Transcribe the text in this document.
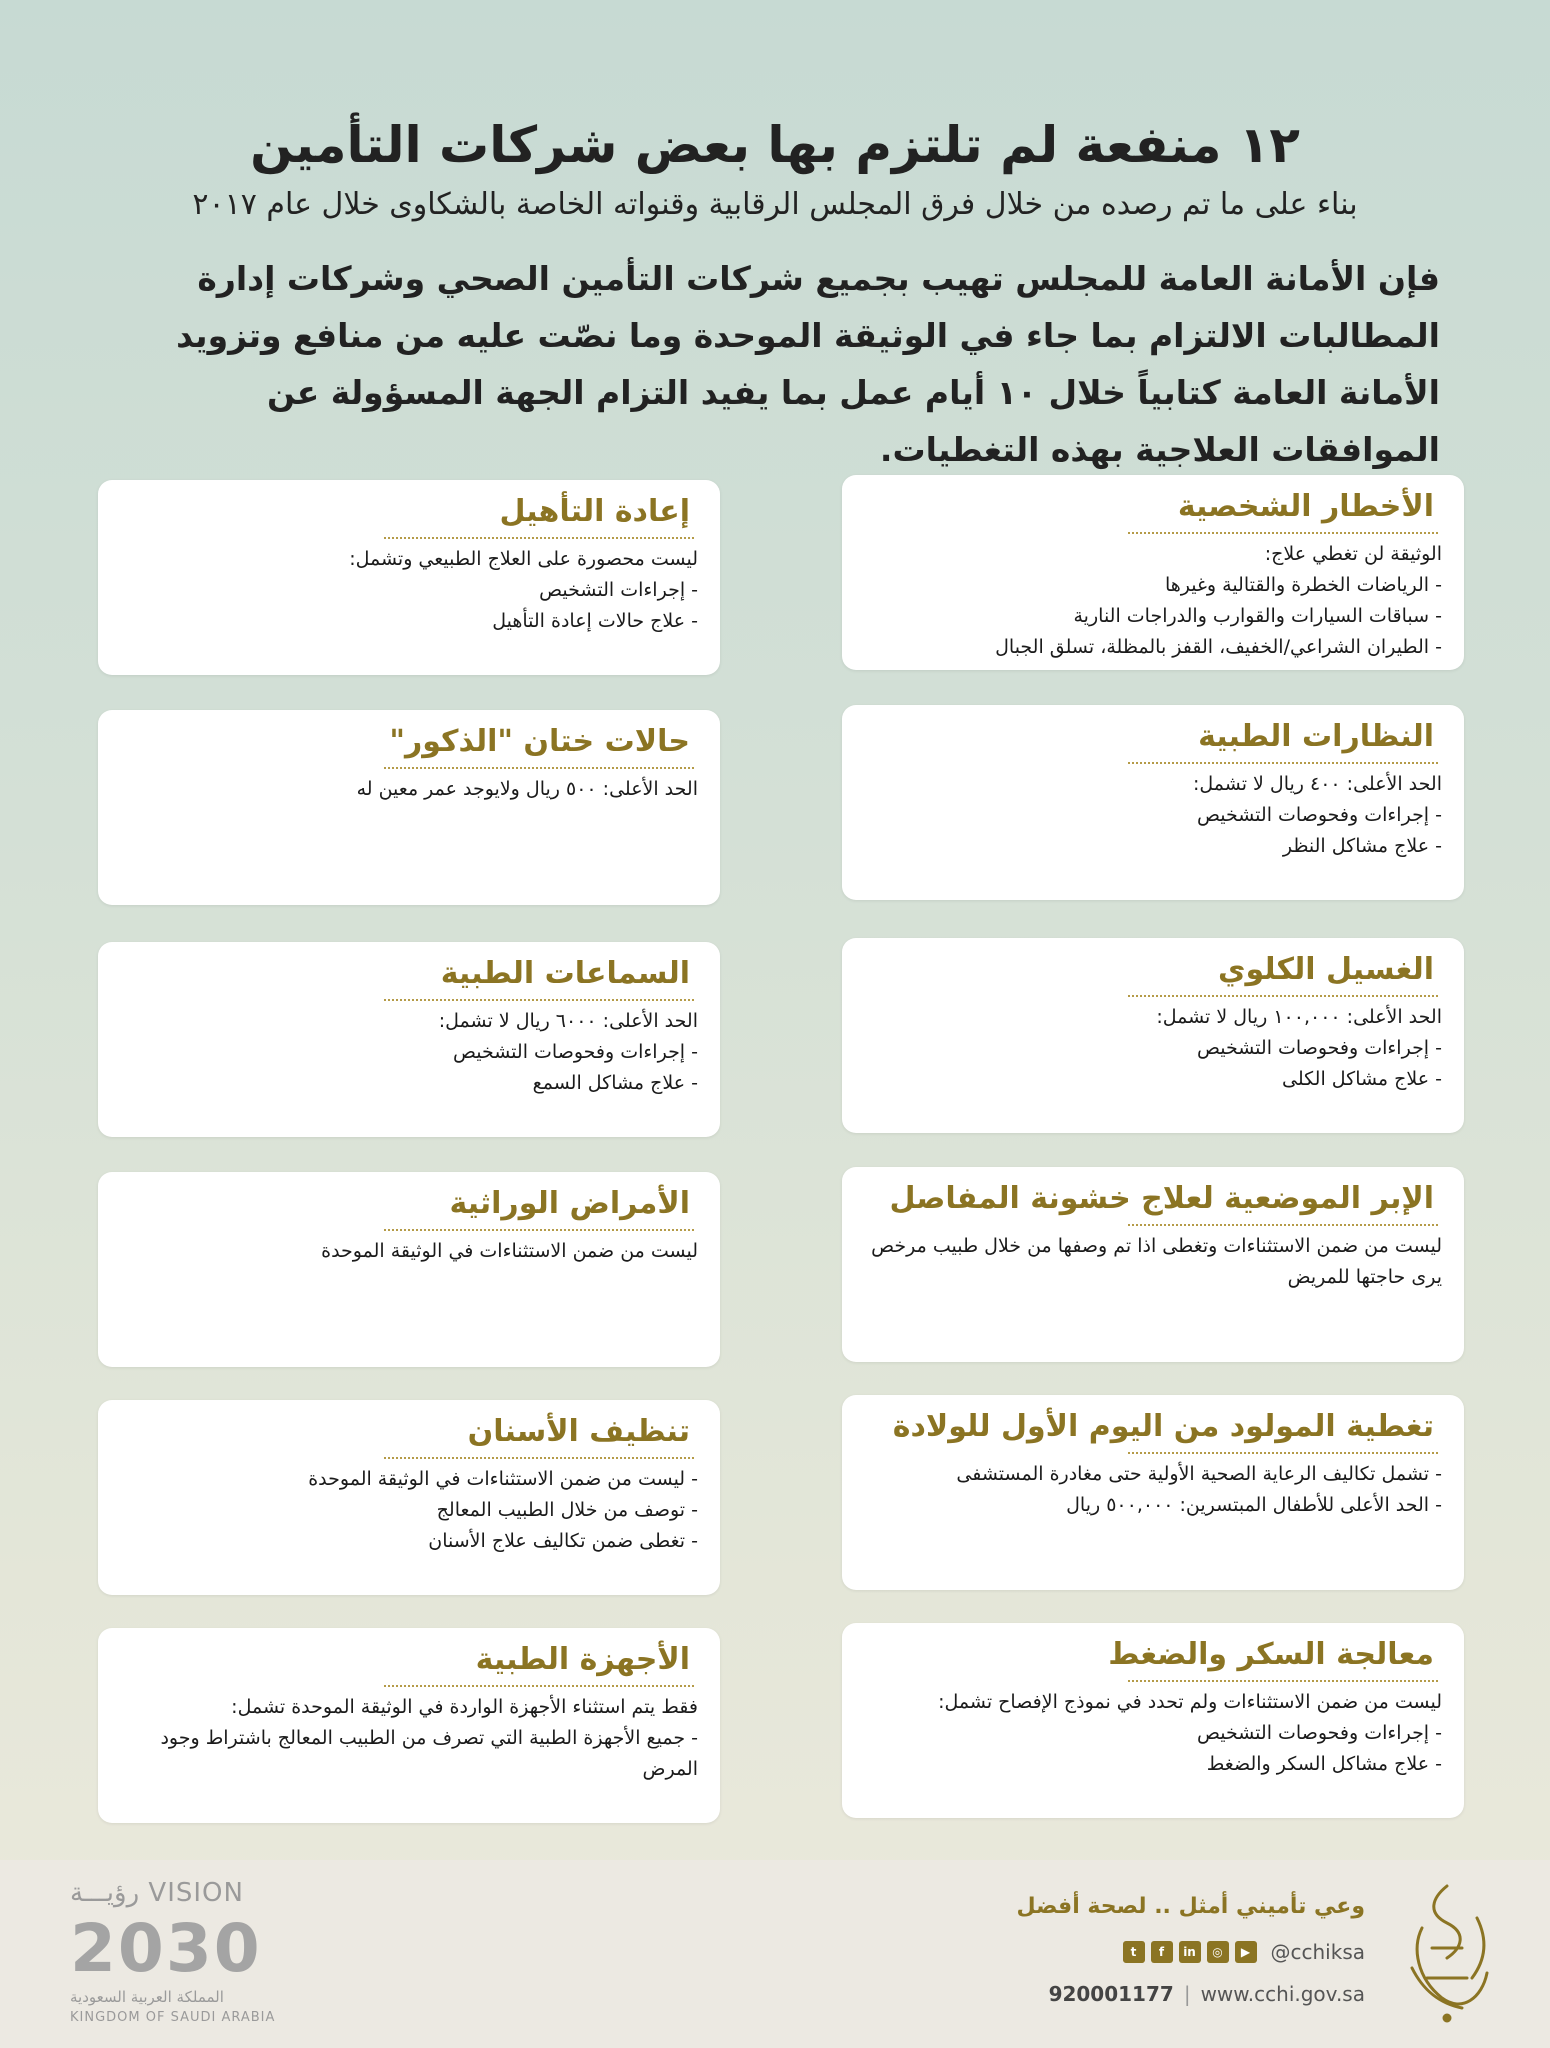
١٢ منفعة لم تلتزم بها بعض شركات التأمين

بناء على ما تم رصده من خلال فرق المجلس الرقابية وقنواته الخاصة بالشكاوى خلال عام ٢٠١٧

فإن الأمانة العامة للمجلس تهيب بجميع شركات التأمين الصحي وشركات إدارة المطالبات الالتزام بما جاء في الوثيقة الموحدة وما نصّت عليه من منافع وتزويد الأمانة العامة كتابياً خلال ١٠ أيام عمل بما يفيد التزام الجهة المسؤولة عن الموافقات العلاجية بهذه التغطيات.
الأخطار الشخصية

الوثيقة لن تغطي علاج:

- الرياضات الخطرة والقتالية وغيرها
- سباقات السيارات والقوارب والدراجات النارية
- الطيران الشراعي/الخفيف، القفز بالمظلة، تسلق الجبال
إعادة التأهيل

ليست محصورة على العلاج الطبيعي وتشمل:

- إجراءات التشخيص
- علاج حالات إعادة التأهيل
النظارات الطبية

الحد الأعلى: ٤٠٠ ريال لا تشمل:

- إجراءات وفحوصات التشخيص
- علاج مشاكل النظر
حالات ختان "الذكور"

الحد الأعلى: ٥٠٠ ريال ولايوجد عمر معين له

الغسيل الكلوي

الحد الأعلى: ١٠٠,٠٠٠ ريال لا تشمل:

- إجراءات وفحوصات التشخيص
- علاج مشاكل الكلى
السماعات الطبية

الحد الأعلى: ٦٠٠٠ ريال لا تشمل:

- إجراءات وفحوصات التشخيص
- علاج مشاكل السمع
الإبر الموضعية لعلاج خشونة المفاصل

ليست من ضمن الاستثناءات وتغطى اذا تم وصفها من خلال طبيب مرخص يرى حاجتها للمريض

الأمراض الوراثية

ليست من ضمن الاستثناءات في الوثيقة الموحدة

تغطية المولود من اليوم الأول للولادة
- تشمل تكاليف الرعاية الصحية الأولية حتى مغادرة المستشفى
- الحد الأعلى للأطفال المبتسرين: ٥٠٠,٠٠٠ ريال
تنظيف الأسنان
- ليست من ضمن الاستثناءات في الوثيقة الموحدة
- توصف من خلال الطبيب المعالج
- تغطى ضمن تكاليف علاج الأسنان
معالجة السكر والضغط

ليست من ضمن الاستثناءات ولم تحدد في نموذج الإفصاح تشمل:

- إجراءات وفحوصات التشخيص
- علاج مشاكل السكر والضغط
الأجهزة الطبية

فقط يتم استثناء الأجهزة الواردة في الوثيقة الموحدة تشمل:

- جميع الأجهزة الطبية التي تصرف من الطبيب المعالج باشتراط وجود المرض
وعي تأميني أمثل .. لصحة أفضل
@cchiksa
▶
◎
in
f
t
920001177 | www.cchi.gov.sa
VISION رؤيـــة
2030
المملكة العربية السعودية
KINGDOM OF SAUDI ARABIA
